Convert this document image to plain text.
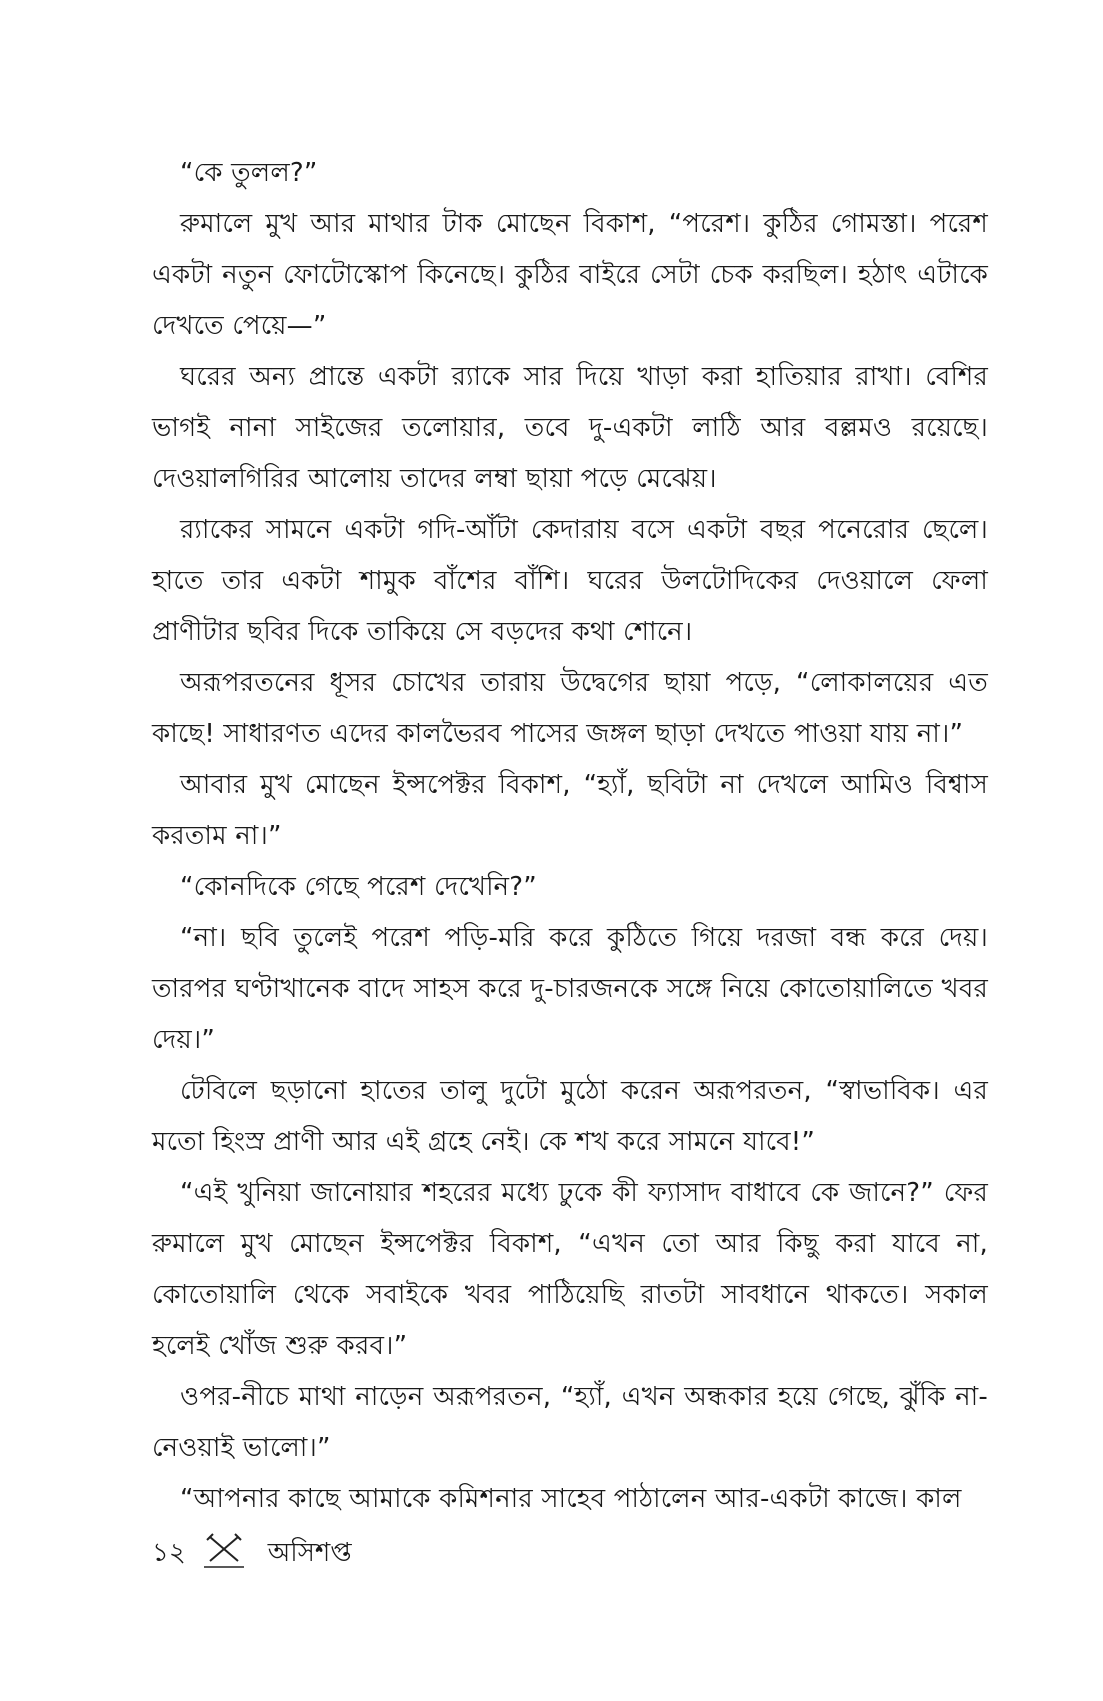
“কে তুলল?”

রুমালে মুখ আর মাথার টাক মোছেন বিকাশ, “পরেশ। কুঠির গোমস্তা। পরেশ একটা নতুন ফোটোস্কোপ কিনেছে। কুঠির বাইরে সেটা চেক করছিল। হঠাৎ এটাকে দেখতে পেয়ে—”

ঘরের অন্য প্রান্তে একটা র‍্যাকে সার দিয়ে খাড়া করা হাতিয়ার রাখা। বেশির ভাগই নানা সাইজের তলোয়ার, তবে দু-একটা লাঠি আর বল্লমও রয়েছে। দেওয়ালগিরির আলোয় তাদের লম্বা ছায়া পড়ে মেঝেয়।

র‍্যাকের সামনে একটা গদি-আঁটা কেদারায় বসে একটা বছর পনেরোর ছেলে। হাতে তার একটা শামুক বাঁশের বাঁশি। ঘরের উলটোদিকের দেওয়ালে ফেলা প্রাণীটার ছবির দিকে তাকিয়ে সে বড়দের কথা শোনে।

অরূপরতনের ধূসর চোখের তারায় উদ্বেগের ছায়া পড়ে, “লোকালয়ের এত কাছে! সাধারণত এদের কালভৈরব পাসের জঙ্গল ছাড়া দেখতে পাওয়া যায় না।”

আবার মুখ মোছেন ইন্সপেক্টর বিকাশ, “হ্যাঁ, ছবিটা না দেখলে আমিও বিশ্বাস করতাম না।”

“কোনদিকে গেছে পরেশ দেখেনি?”

“না। ছবি তুলেই পরেশ পড়ি-মরি করে কুঠিতে গিয়ে দরজা বন্ধ করে দেয়। তারপর ঘণ্টাখানেক বাদে সাহস করে দু-চারজনকে সঙ্গে নিয়ে কোতোয়ালিতে খবর দেয়।”

টেবিলে ছড়ানো হাতের তালু দুটো মুঠো করেন অরূপরতন, “স্বাভাবিক। এর মতো হিংস্র প্রাণী আর এই গ্রহে নেই। কে শখ করে সামনে যাবে!”

“এই খুনিয়া জানোয়ার শহরের মধ্যে ঢুকে কী ফ্যাসাদ বাধাবে কে জানে?” ফের রুমালে মুখ মোছেন ইন্সপেক্টর বিকাশ, “এখন তো আর কিছু করা যাবে না, কোতোয়ালি থেকে সবাইকে খবর পাঠিয়েছি রাতটা সাবধানে থাকতে। সকাল হলেই খোঁজ শুরু করব।”

ওপর-নীচে মাথা নাড়েন অরূপরতন, “হ্যাঁ, এখন অন্ধকার হয়ে গেছে, ঝুঁকি না-নেওয়াই ভালো।”

“আপনার কাছে আমাকে কমিশনার সাহেব পাঠালেন আর-একটা কাজে। কাল

১২	অসিশপ্ত
